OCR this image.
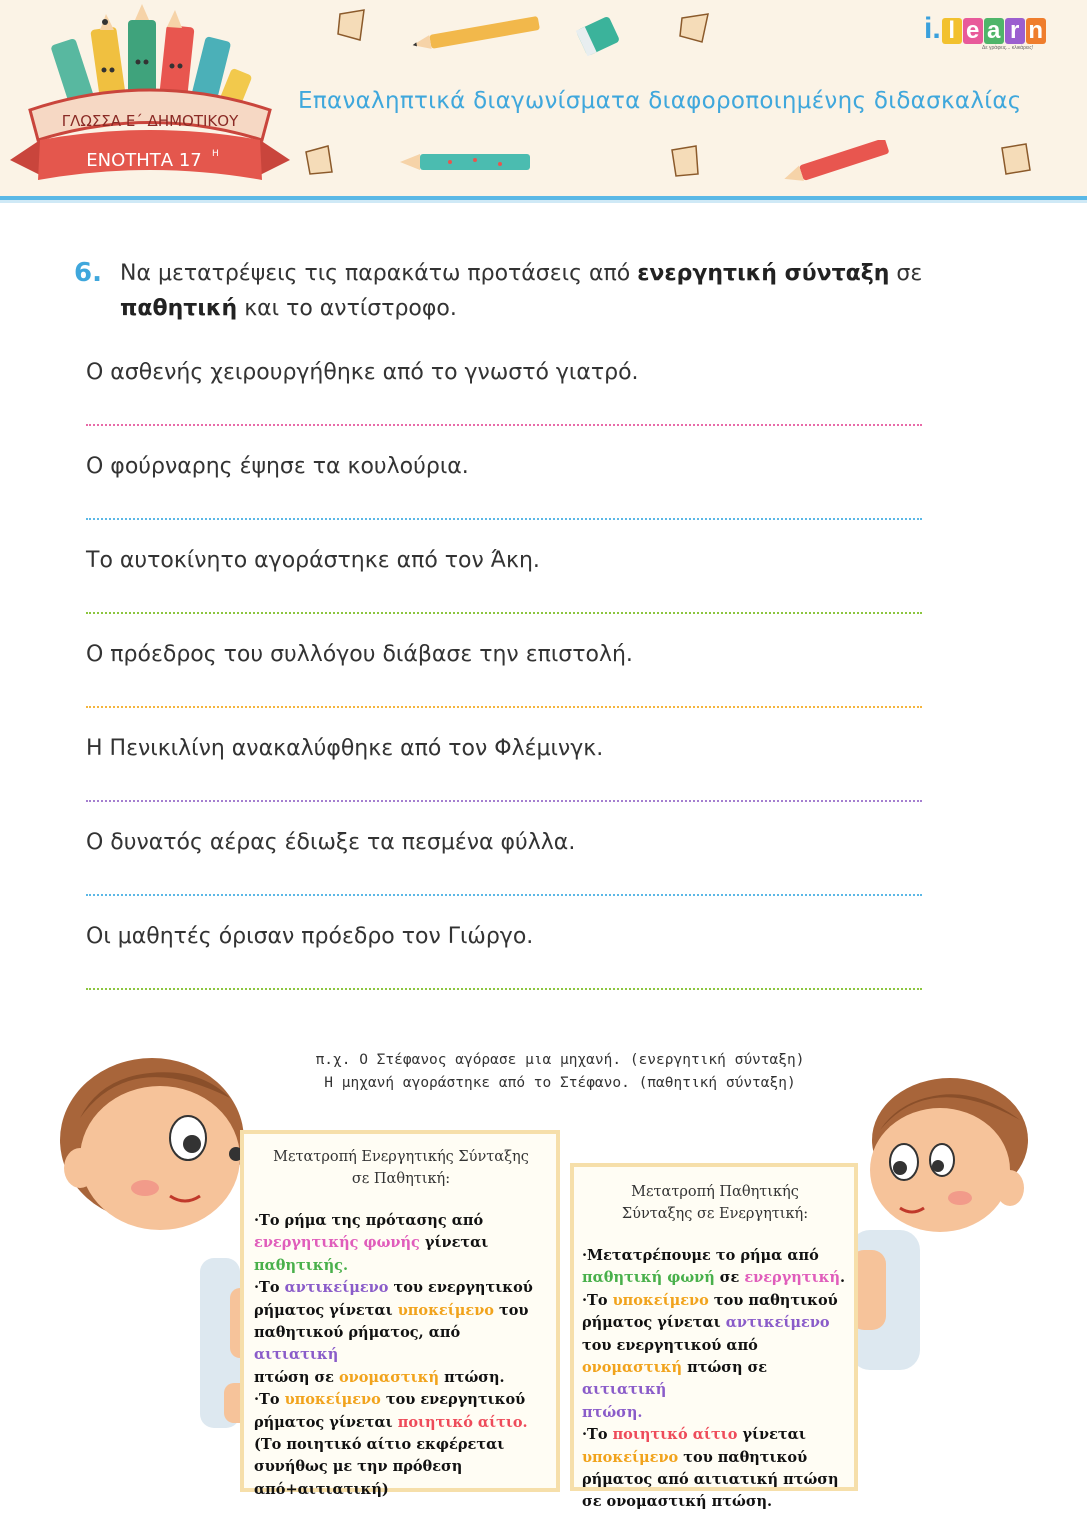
ΓΛΩΣΣΑ Ε΄ ΔΗΜΟΤΙΚΟΥ
ΕΝΟΤΗΤΑ 17 Η
Επαναληπτικά διαγωνίσματα διαφοροποιημένης διδασκαλίας
i. l e a r n
Δε γράφεις... κλικάρεις!
6. Να μετατρέψεις τις παρακάτω προτάσεις από ενεργητική σύνταξη σε
παθητική και το αντίστροφο.
Ο ασθενής χειρουργήθηκε από το γνωστό γιατρό.
Ο φούρναρης έψησε τα κουλούρια.
Το αυτοκίνητο αγοράστηκε από τον Άκη.
Ο πρόεδρος του συλλόγου διάβασε την επιστολή.
Η Πενικιλίνη ανακαλύφθηκε από τον Φλέμινγκ.
Ο δυνατός αέρας έδιωξε τα πεσμένα φύλλα.
Οι μαθητές όρισαν πρόεδρο τον Γιώργο.
π.χ. Ο Στέφανος αγόρασε μια μηχανή. (ενεργητική σύνταξη)
Η μηχανή αγοράστηκε από το Στέφανο. (παθητική σύνταξη)
Μετατροπή Ενεργητικής Σύνταξης
σε Παθητική:
·Το ρήμα της πρότασης από
ενεργητικής φωνής γίνεται
παθητικής.
·Το αντικείμενο του ενεργητικού
ρήματος γίνεται υποκείμενο του
παθητικού ρήματος, από αιτιατική
πτώση σε ονομαστική πτώση.
·Το υποκείμενο του ενεργητικού
ρήματος γίνεται ποιητικό αίτιο.
(Το ποιητικό αίτιο εκφέρεται
συνήθως με την πρόθεση
από+αιτιατική)
Μετατροπή Παθητικής
Σύνταξης σε Ενεργητική:
·Μετατρέπουμε το ρήμα από
παθητική φωνή σε ενεργητική.
·Το υποκείμενο του παθητικού
ρήματος γίνεται αντικείμενο
του ενεργητικού από
ονομαστική πτώση σε αιτιατική
πτώση.
·Το ποιητικό αίτιο γίνεται
υποκείμενο του παθητικού
ρήματος από αιτιατική πτώση
σε ονομαστική πτώση.
